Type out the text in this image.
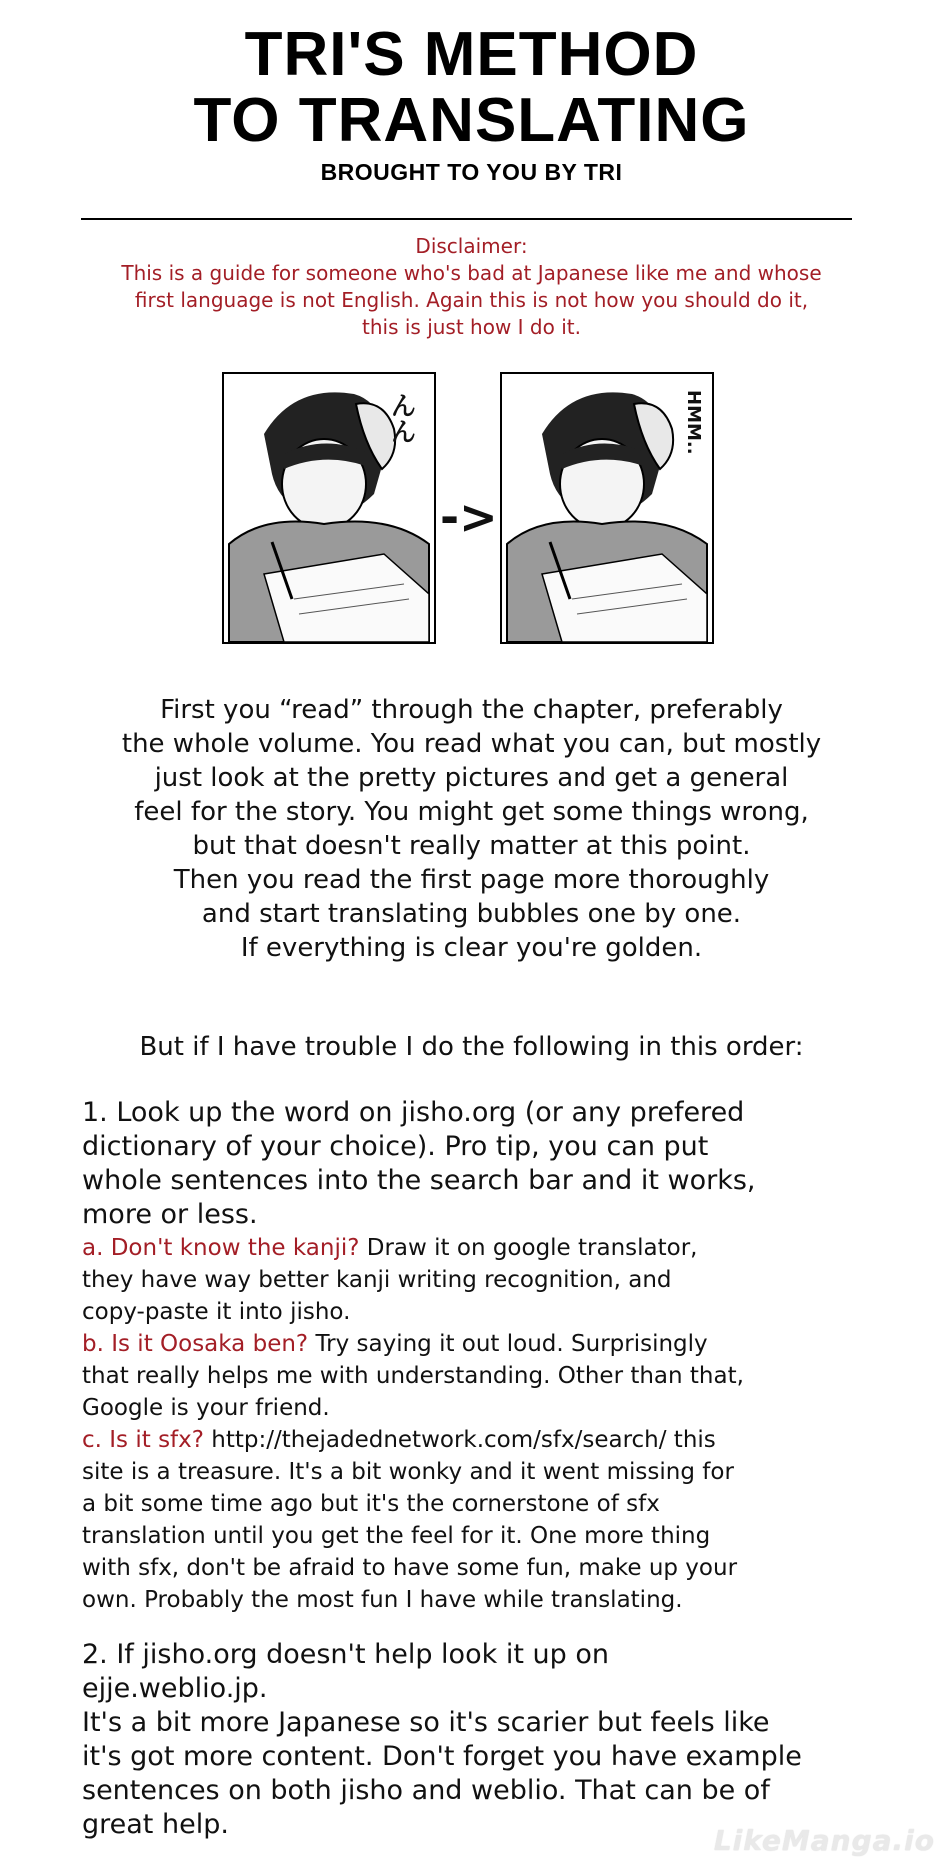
TRI'S METHOD
TO TRANSLATING
BROUGHT TO YOU BY TRI
Disclaimer:
This is a guide for someone who's bad at Japanese like me and whose
first language is not English. Again this is not how you should do it,
this is just how I do it.
んん
->
HMM..
First you “read” through the chapter, preferably
the whole volume. You read what you can, but mostly
just look at the pretty pictures and get a general
feel for the story. You might get some things wrong,
but that doesn't really matter at this point.
Then you read the first page more thoroughly
and start translating bubbles one by one.
If everything is clear you're golden.
But if I have trouble I do the following in this order:
1. Look up the word on jisho.org (or any prefered
dictionary of your choice). Pro tip, you can put
whole sentences into the search bar and it works,
more or less.
a. Don't know the kanji? Draw it on google translator,
they have way better kanji writing recognition, and
copy-paste it into jisho.
b. Is it Oosaka ben? Try saying it out loud. Surprisingly
that really helps me with understanding. Other than that,
Google is your friend.
c. Is it sfx? http://thejadednetwork.com/sfx/search/ this
site is a treasure. It's a bit wonky and it went missing for
a bit some time ago but it's the cornerstone of sfx
translation until you get the feel for it. One more thing
with sfx, don't be afraid to have some fun, make up your
own. Probably the most fun I have while translating.
2. If jisho.org doesn't help look it up on
ejje.weblio.jp.
It's a bit more Japanese so it's scarier but feels like
it's got more content. Don't forget you have example
sentences on both jisho and weblio. That can be of
great help.	LikeManga.io
